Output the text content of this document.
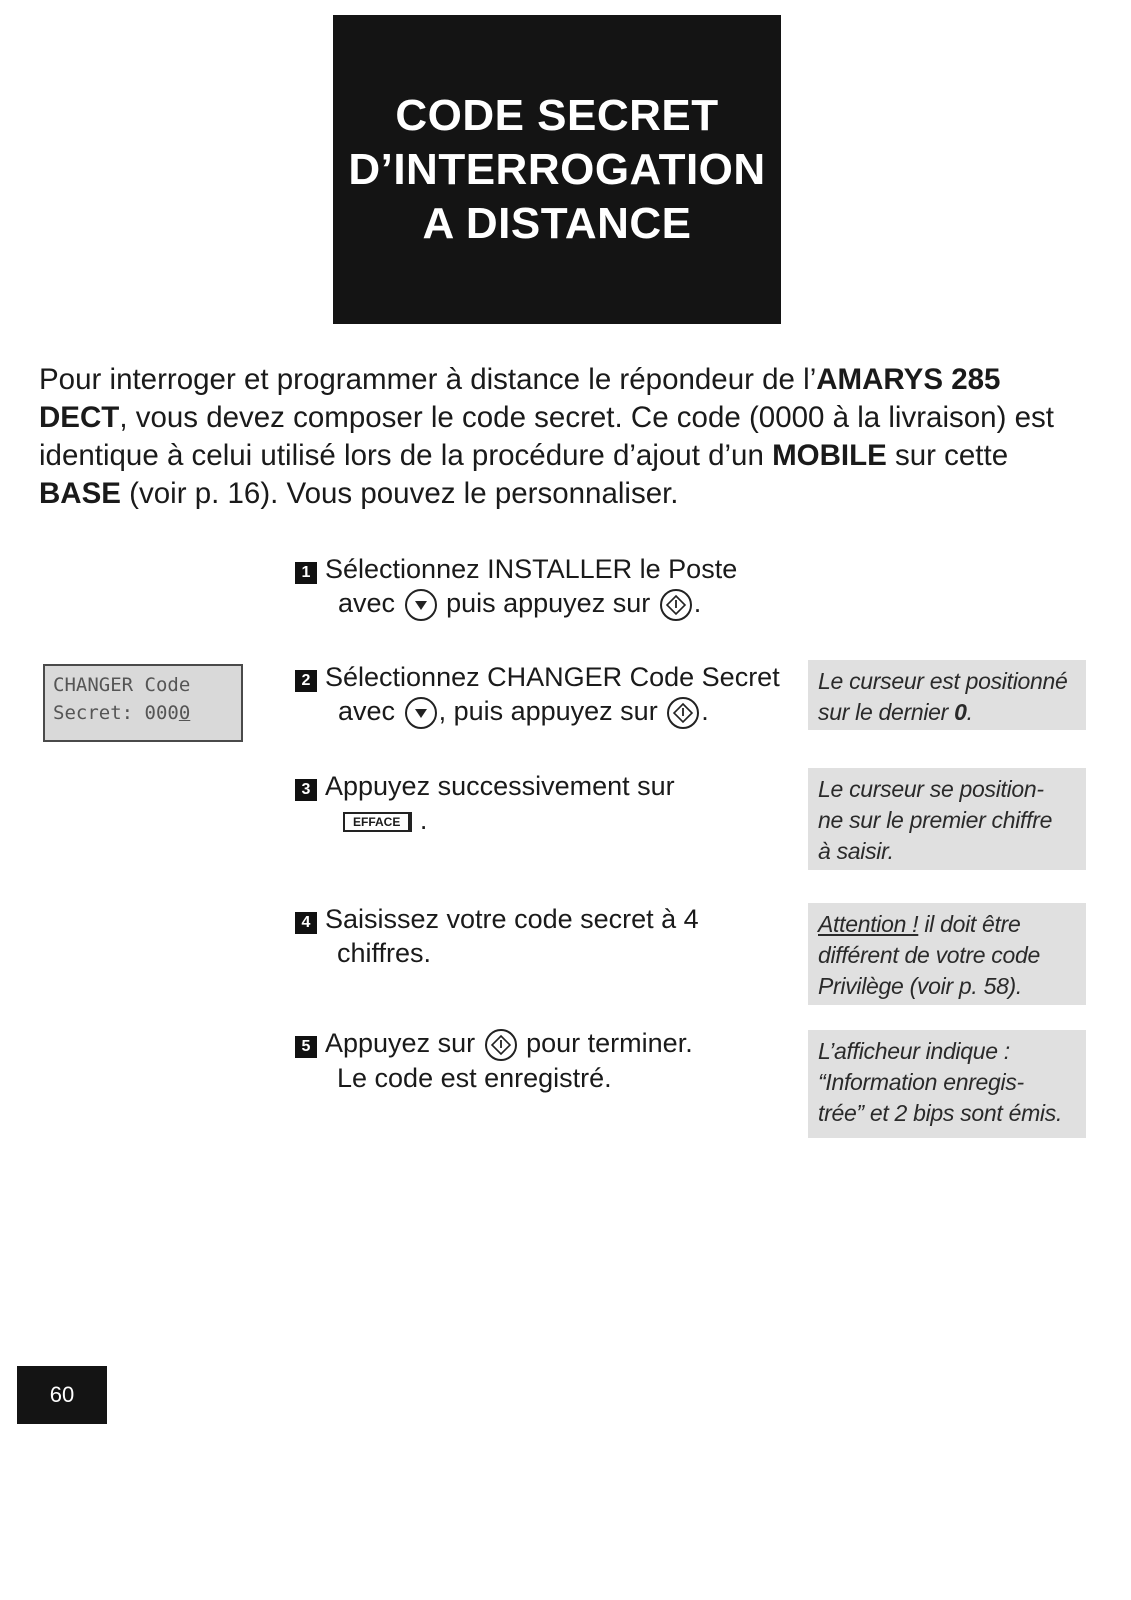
CODE SECRET
D’INTERROGATION
A DISTANCE

Pour interroger et programmer à distance le répondeur de l’AMARYS 285 DECT, vous devez composer le code secret. Ce code (0000 à la livraison) est identique à celui utilisé lors de la procédure d’ajout d’un MOBILE sur cette BASE (voir p. 16). Vous pouvez le personnaliser.

CHANGER Code
Secret: 0000
1 Sélectionnez INSTALLER le Poste
avec puis appuyez sur .
2 Sélectionnez CHANGER Code Secret
avec , puis appuyez sur .
3 Appuyez successivement sur
EFFACE .
4 Saisissez votre code secret à 4
chiffres.
5 Appuyez sur pour terminer.
Le code est enregistré.
Le curseur est positionné
sur le dernier 0.
Le curseur se position-
ne sur le premier chiffre
à saisir.
Attention ! il doit être
différent de votre code
Privilège (voir p. 58).
L’afficheur indique :
“Information enregis-
trée” et 2 bips sont émis.
60
